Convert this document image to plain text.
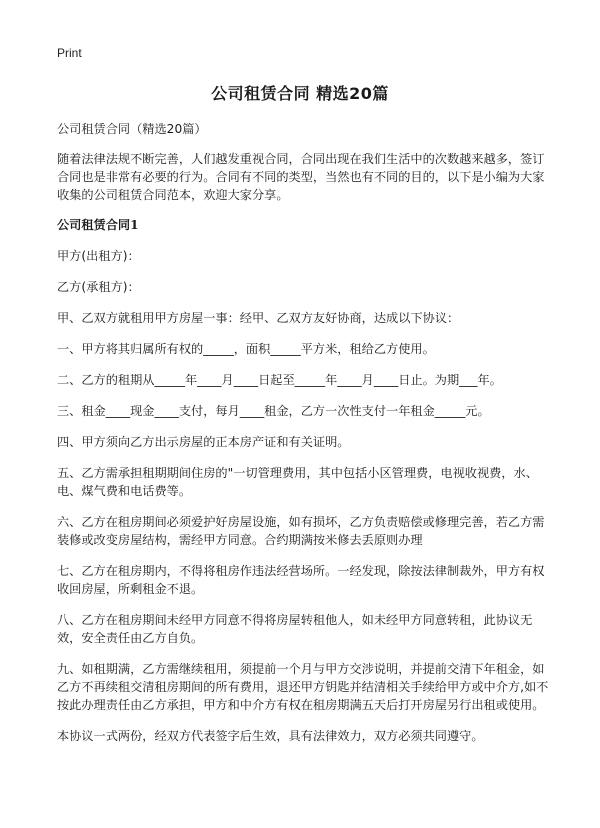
Print
公司租赁合同 精选20篇

公司租赁合同（精选20篇）

随着法律法规不断完善，人们越发重视合同，合同出现在我们生活中的次数越来越多，签订合同也是非常有必要的行为。合同有不同的类型，当然也有不同的目的，以下是小编为大家收集的公司租赁合同范本，欢迎大家分享。

公司租赁合同1

甲方(出租方)：

乙方(承租方)：

甲、乙双方就租用甲方房屋一事：经甲、乙双方友好协商，达成以下协议：

一、甲方将其归属所有权的_____，面积_____平方米，租给乙方使用。

二、乙方的租期从_____年____月____日起至_____年____月____日止。为期___年。

三、租金____现金____支付，每月____租金，乙方一次性支付一年租金_____元。

四、甲方须向乙方出示房屋的正本房产证和有关证明。

五、乙方需承担租期期间住房的"一切管理费用，其中包括小区管理费，电视收视费，水、电、煤气费和电话费等。

六、乙方在租房期间必须爱护好房屋设施，如有损坏，乙方负责赔偿或修理完善，若乙方需装修或改变房屋结构，需经甲方同意。合约期满按米修去丢原则办理

七、乙方在租房期内，不得将租房作违法经营场所。一经发现，除按法律制裁外，甲方有权收回房屋，所剩租金不退。

八、乙方在租房期间未经甲方同意不得将房屋转租他人，如未经甲方同意转租，此协议无效，安全责任由乙方自负。

九、如租期满，乙方需继续租用，须提前一个月与甲方交涉说明，并提前交清下年租金，如乙方不再续租交清租房期间的所有费用，退还甲方钥匙并结清相关手续给甲方或中介方,如不按此办理责任由乙方承担，甲方和中介方有权在租房期满五天后打开房屋另行出租或使用。

本协议一式两份，经双方代表签字后生效，具有法律效力，双方必须共同遵守。
